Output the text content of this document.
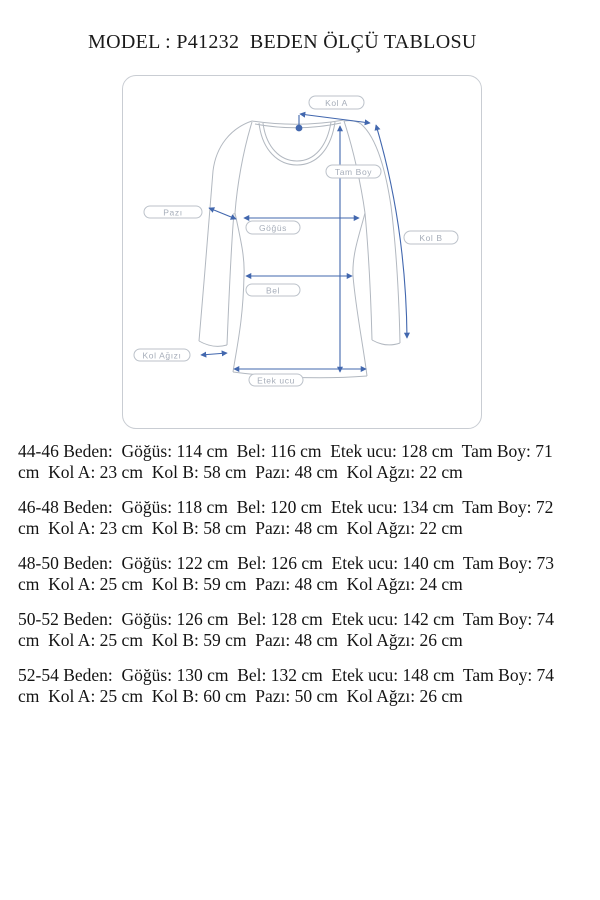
MODEL : P41232  BEDEN ÖLÇÜ TABLOSU
Kol A
Tam Boy
Pazı
Göğüs
Kol B
Bel
Kol Ağızı
Etek ucu

44-46 Beden:  Göğüs: 114 cm  Bel: 116 cm  Etek ucu: 128 cm  Tam Boy: 71 cm  Kol A: 23 cm  Kol B: 58 cm  Pazı: 48 cm  Kol Ağzı: 22 cm

46-48 Beden:  Göğüs: 118 cm  Bel: 120 cm  Etek ucu: 134 cm  Tam Boy: 72 cm  Kol A: 23 cm  Kol B: 58 cm  Pazı: 48 cm  Kol Ağzı: 22 cm

48-50 Beden:  Göğüs: 122 cm  Bel: 126 cm  Etek ucu: 140 cm  Tam Boy: 73 cm  Kol A: 25 cm  Kol B: 59 cm  Pazı: 48 cm  Kol Ağzı: 24 cm

50-52 Beden:  Göğüs: 126 cm  Bel: 128 cm  Etek ucu: 142 cm  Tam Boy: 74 cm  Kol A: 25 cm  Kol B: 59 cm  Pazı: 48 cm  Kol Ağzı: 26 cm

52-54 Beden:  Göğüs: 130 cm  Bel: 132 cm  Etek ucu: 148 cm  Tam Boy: 74 cm  Kol A: 25 cm  Kol B: 60 cm  Pazı: 50 cm  Kol Ağzı: 26 cm
